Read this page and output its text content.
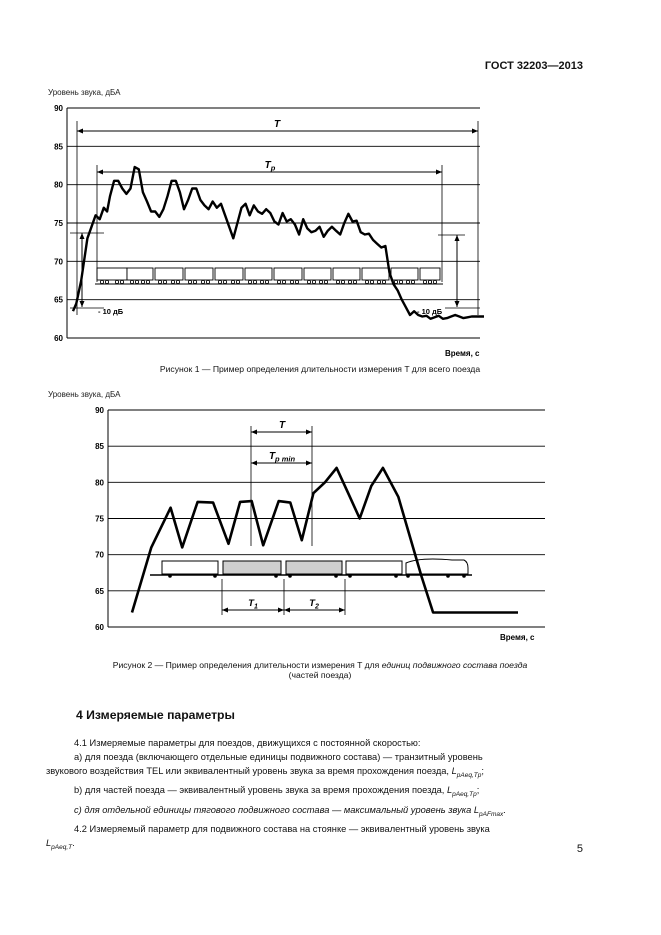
ГОСТ 32203—2013
Уровень звука, дБА
60
65
70
75
80
85
90
T
$T_p$
- 10 дБ	- 10 дБ
Время, с
Рисунок 1 — Пример определения длительности измерения T для всего поезда
Уровень звука, дБА
60
65
70
75
80
85
90
T
$T_{p min}$
$T_1$	$T_2$
Время, с
Рисунок 2 — Пример определения длительности измерения T для единиц подвижного состава поезда
(частей поезда)
4 Измеряемые параметры
4.1 Измеряемые параметры для поездов, движущихся с постоянной скоростью:
а) для поезда (включающего отдельные единицы подвижного состава) — транзитный уровень
звукового воздействия TEL или эквивалентный уровень звука за время прохождения поезда, $L_{pAeq,Tp}$;
b) для частей поезда — эквивалентный уровень звука за время прохождения поезда, $L_{pAeq,Tp}$;
с) для отдельной единицы тягового подвижного состава — максимальный уровень звука $L_{pAFmax}$.
4.2 Измеряемый параметр для подвижного состава на стоянке — эквивалентный уровень звука
$L_{pAeq,T}$.
5
